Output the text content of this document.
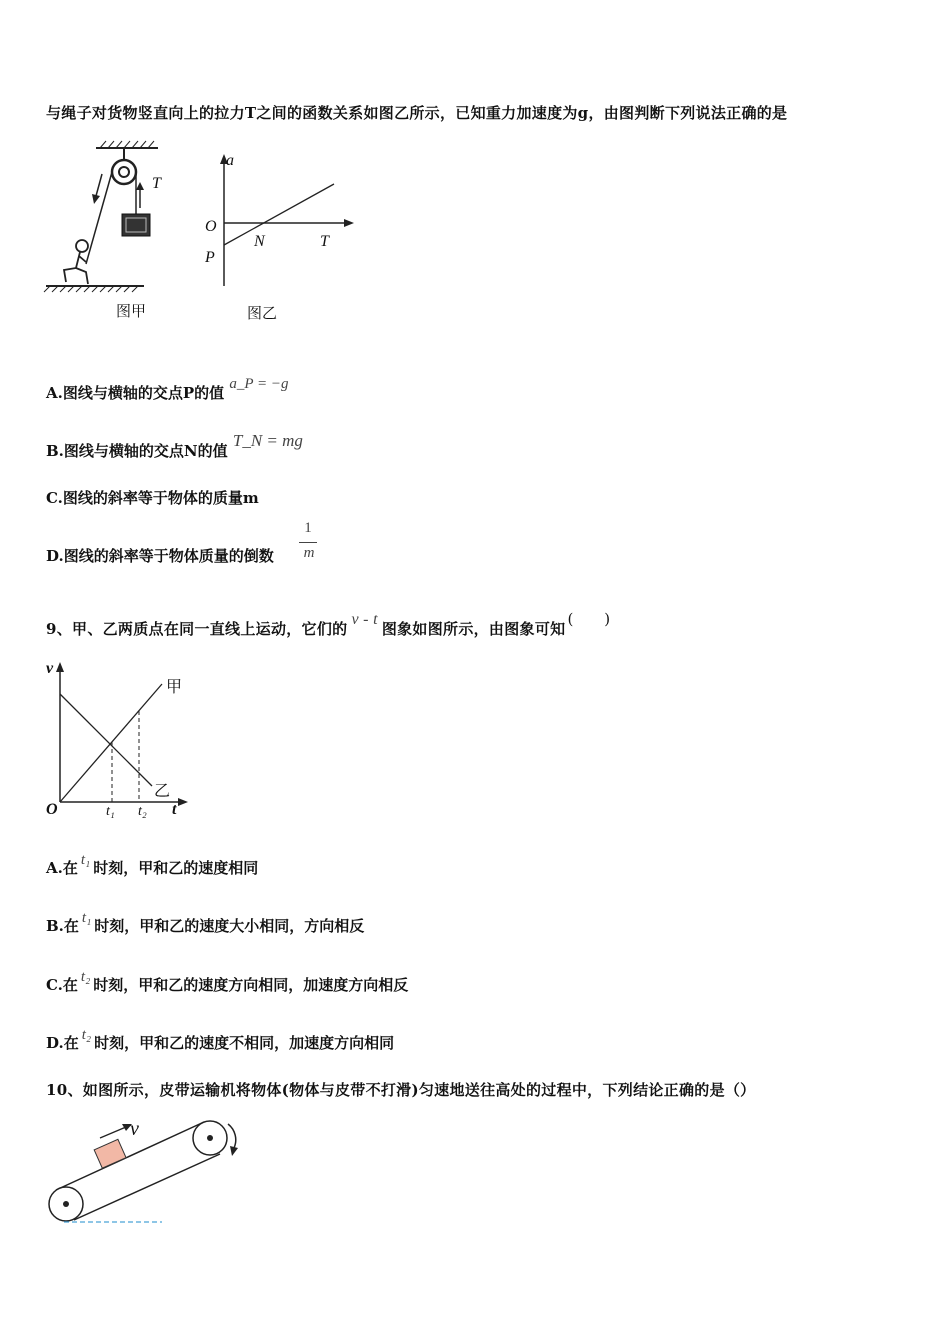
与绳子对货物竖直向上的拉力T之间的函数关系如图乙所示，已知重力加速度为g，由图判断下列说法正确的是
T
图甲
a
O
N	T
P
图乙
A.图线与横轴的交点P的值 a_P = −g
B.图线与横轴的交点N的值 T_N = mg
C.图线的斜率等于物体的质量m
D.图线的斜率等于物体质量的倒数
1
m
9、甲、乙两质点在同一直线上运动，它们的v - t图象如图所示，由图象可知(　　)
v
甲
乙
O	t₁ t₂ t
A.在 t₁ 时刻，甲和乙的速度相同
B.在 t₁ 时刻，甲和乙的速度大小相同，方向相反
C.在 t₂ 时刻，甲和乙的速度方向相同，加速度方向相反
D.在 t₂ 时刻，甲和乙的速度不相同，加速度方向相同
10、如图所示，皮带运输机将物体(物体与皮带不打滑)匀速地送往高处的过程中，下列结论正确的是（）
v
